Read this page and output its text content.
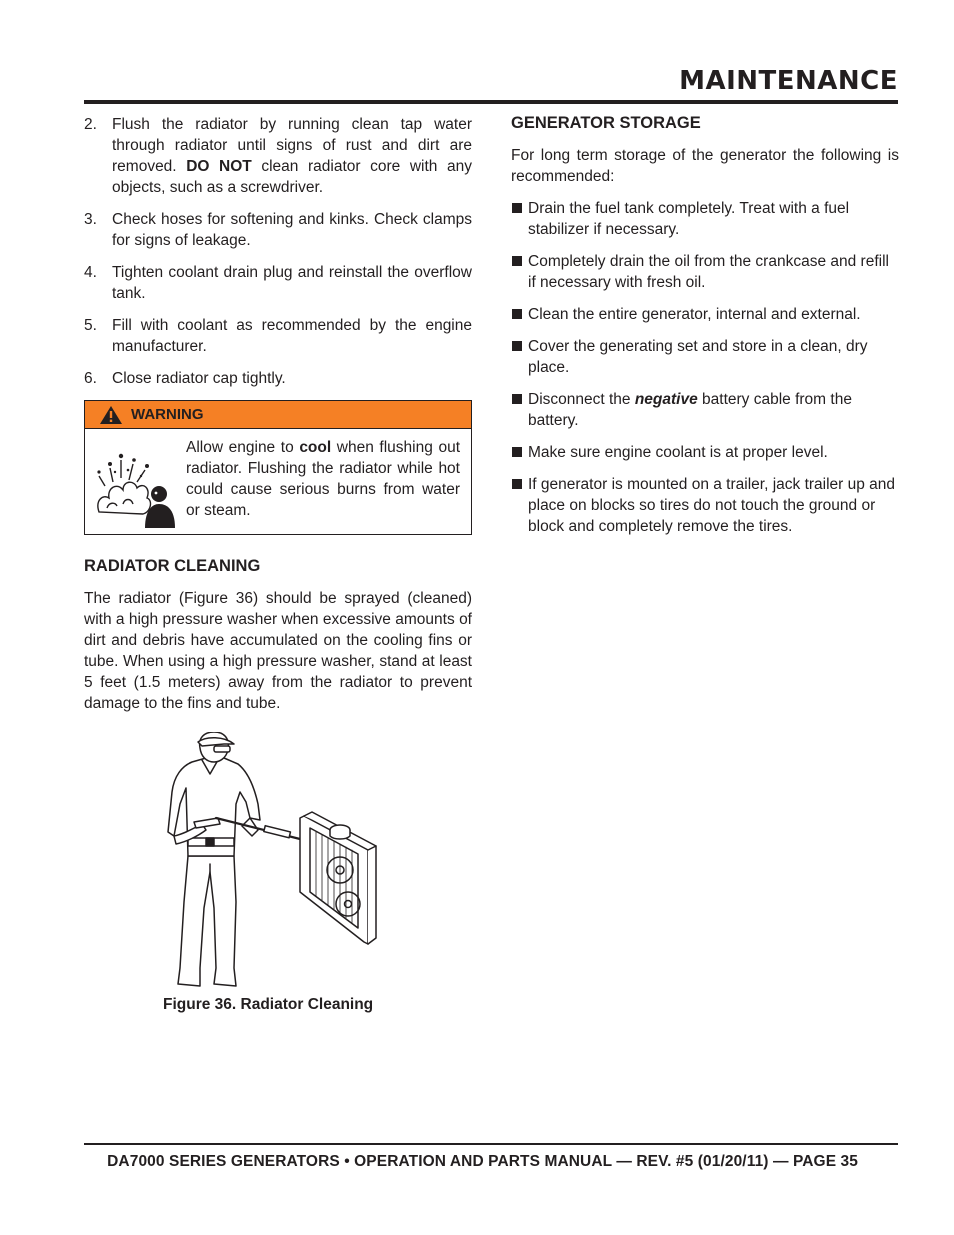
MAINTENANCE
2. Flush the radiator by running clean tap water through radiator until signs of rust and dirt are removed. DO NOT clean radiator core with any objects, such as a screwdriver.
3. Check hoses for softening and kinks. Check clamps for signs of leakage.
4. Tighten coolant drain plug and reinstall the overflow tank.
5. Fill with coolant as recommended by the engine manufacturer.
6. Close radiator cap tightly.
WARNING
Allow engine to cool when flushing out radiator. Flushing the radiator while hot could cause serious burns from water or steam.
RADIATOR CLEANING

The radiator (Figure 36) should be sprayed (cleaned) with a high pressure washer when excessive amounts of dirt and debris have accumulated on the cooling fins or tube. When using a high pressure washer, stand at least 5 feet (1.5 meters) away from the radiator to prevent damage to the fins and tube.

Figure 36. Radiator Cleaning
GENERATOR STORAGE

For long term storage of the generator the following is recommended:

Drain the fuel tank completely. Treat with a fuel stabilizer if necessary.
Completely drain the oil from the crankcase and refill if necessary with fresh oil.
Clean the entire generator, internal and external.
Cover the generating set and store in a clean, dry place.
Disconnect the negative battery cable from the battery.
Make sure engine coolant is at proper level.
If generator is mounted on a trailer, jack trailer up and place on blocks so tires do not touch the ground or block and completely remove the tires.
DA7000 SERIES GENERATORS • OPERATION AND PARTS MANUAL — REV. #5 (01/20/11) — PAGE 35
